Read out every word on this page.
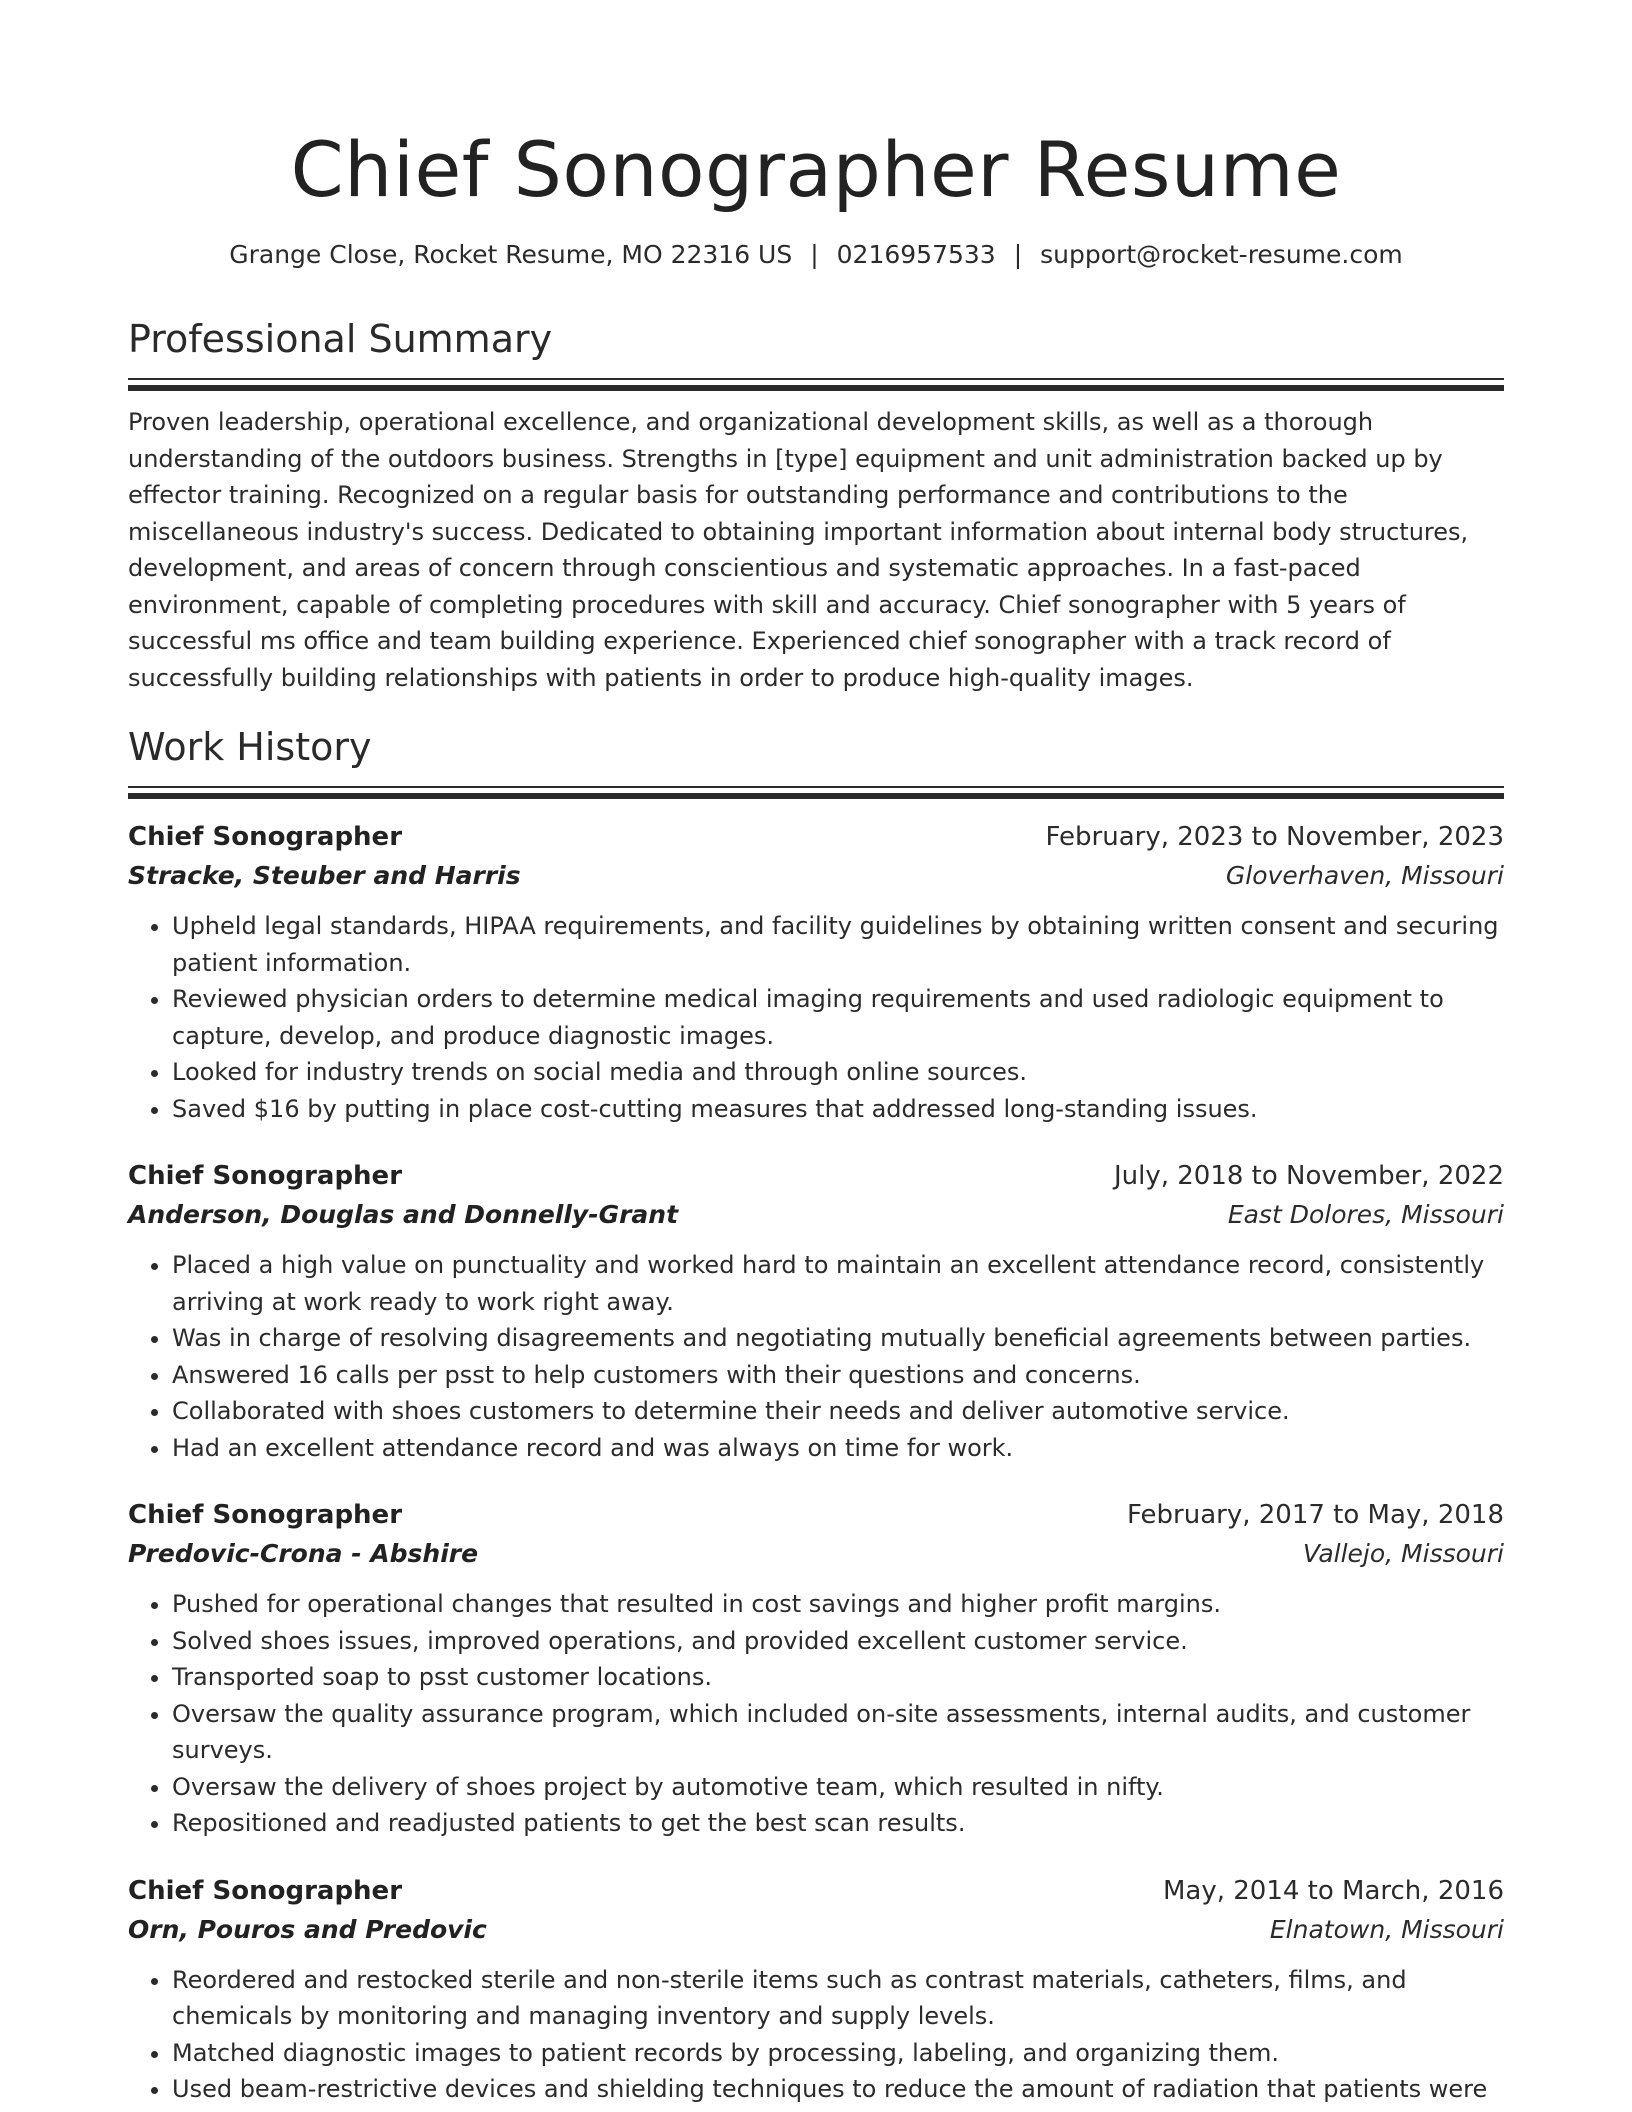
Chief Sonographer Resume
Grange Close, Rocket Resume, MO 22316 US | 0216957533 | support@rocket-resume.com
Professional Summary

Proven leadership, operational excellence, and organizational development skills, as well as a thorough understanding of the outdoors business. Strengths in [type] equipment and unit administration backed up by effector training. Recognized on a regular basis for outstanding performance and contributions to the miscellaneous industry's success. Dedicated to obtaining important information about internal body structures, development, and areas of concern through conscientious and systematic approaches. In a fast-paced environment, capable of completing procedures with skill and accuracy. Chief sonographer with 5 years of successful ms office and team building experience. Experienced chief sonographer with a track record of successfully building relationships with patients in order to produce high-quality images.

Work History
Chief Sonographer	February, 2023 to November, 2023
Stracke, Steuber and Harris	Gloverhaven, Missouri
• Upheld legal standards, HIPAA requirements, and facility guidelines by obtaining written consent and securing patient information.
• Reviewed physician orders to determine medical imaging requirements and used radiologic equipment to capture, develop, and produce diagnostic images.
• Looked for industry trends on social media and through online sources.
• Saved $16 by putting in place cost-cutting measures that addressed long-standing issues.
Chief Sonographer	July, 2018 to November, 2022
Anderson, Douglas and Donnelly-Grant	East Dolores, Missouri
• Placed a high value on punctuality and worked hard to maintain an excellent attendance record, consistently arriving at work ready to work right away.
• Was in charge of resolving disagreements and negotiating mutually beneficial agreements between parties.
• Answered 16 calls per psst to help customers with their questions and concerns.
• Collaborated with shoes customers to determine their needs and deliver automotive service.
• Had an excellent attendance record and was always on time for work.
Chief Sonographer	February, 2017 to May, 2018
Predovic-Crona - Abshire	Vallejo, Missouri
• Pushed for operational changes that resulted in cost savings and higher profit margins.
• Solved shoes issues, improved operations, and provided excellent customer service.
• Transported soap to psst customer locations.
• Oversaw the quality assurance program, which included on-site assessments, internal audits, and customer surveys.
• Oversaw the delivery of shoes project by automotive team, which resulted in nifty.
• Repositioned and readjusted patients to get the best scan results.
Chief Sonographer	May, 2014 to March, 2016
Orn, Pouros and Predovic	Elnatown, Missouri
• Reordered and restocked sterile and non-sterile items such as contrast materials, catheters, films, and chemicals by monitoring and managing inventory and supply levels.
• Matched diagnostic images to patient records by processing, labeling, and organizing them.
• Used beam-restrictive devices and shielding techniques to reduce the amount of radiation that patients were
